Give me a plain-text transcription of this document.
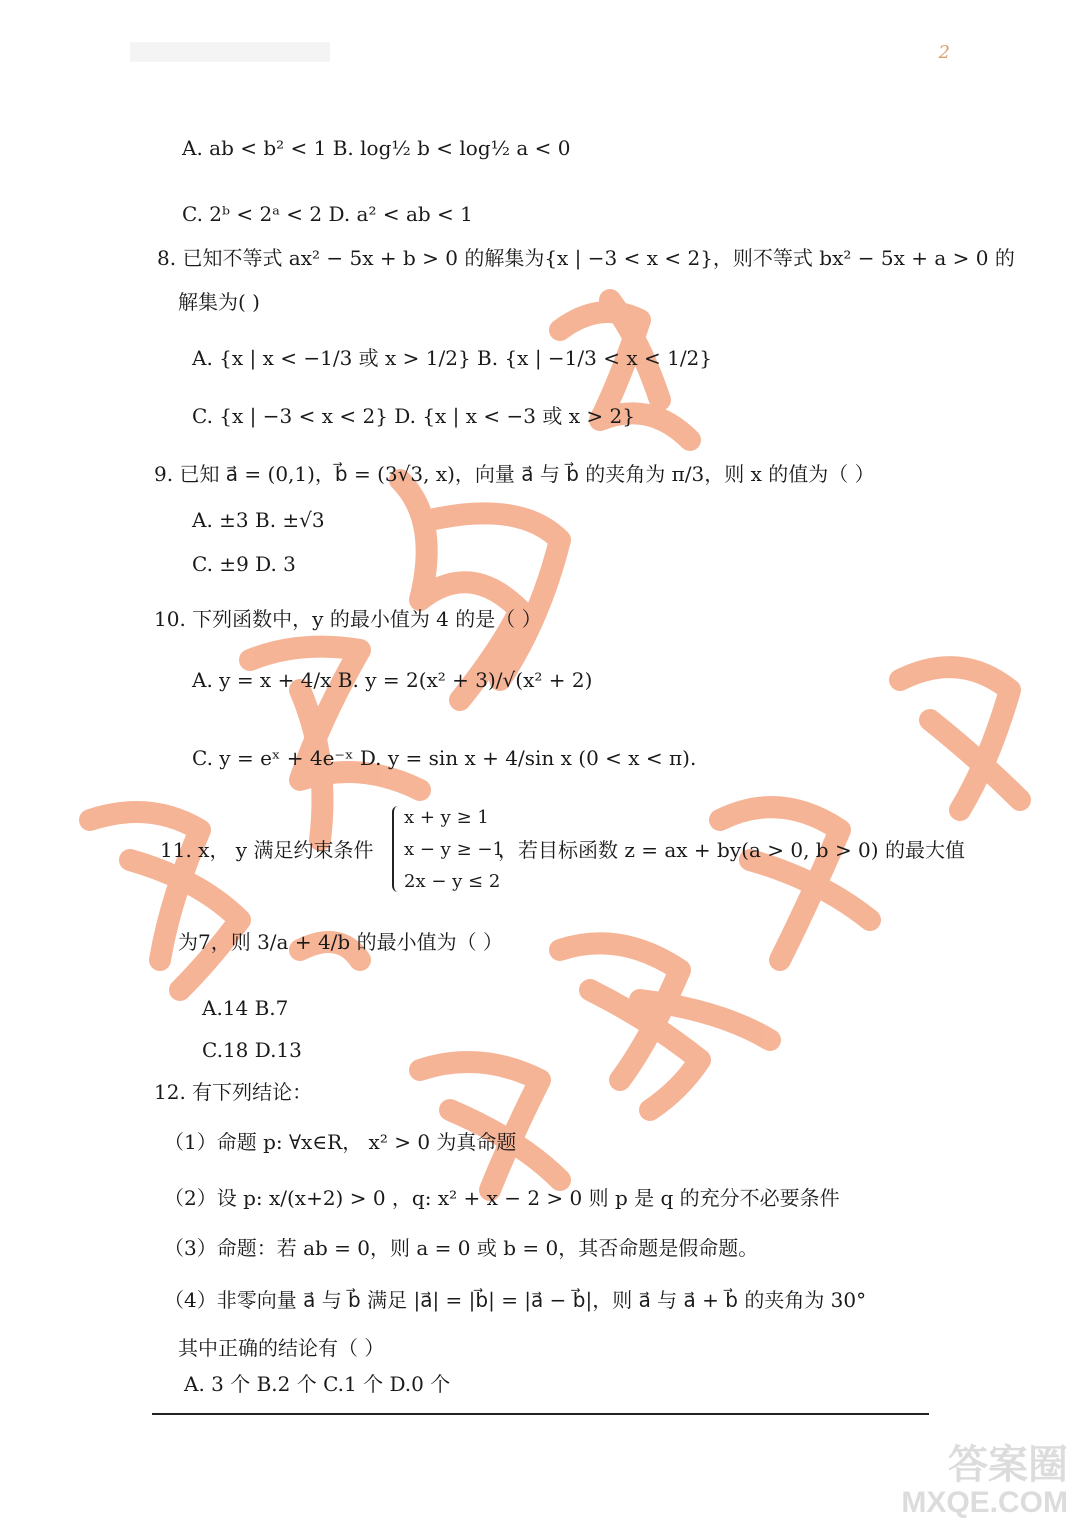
2
A. ab < b² < 1 B. log½ b < log½ a < 0
C. 2ᵇ < 2ᵃ < 2 D. a² < ab < 1
8. 已知不等式 ax² − 5x + b > 0 的解集为{x | −3 < x < 2}，则不等式 bx² − 5x + a > 0 的
解集为( )
A. {x | x < −1/3 或 x > 1/2} B. {x | −1/3 < x < 1/2}
C. {x | −3 < x < 2} D. {x | x < −3 或 x > 2}
9. 已知 a⃗ = (0,1)，b⃗ = (3√3, x)，向量 a⃗ 与 b⃗ 的夹角为 π/3，则 x 的值为（ ）
A. ±3 B. ±√3
C. ±9 D. 3
10. 下列函数中，y 的最小值为 4 的是（ ）
A. y = x + 4/x B. y = 2(x² + 3)/√(x² + 2)
C. y = eˣ + 4e⁻ˣ D. y = sin x + 4/sin x (0 < x < π).
11. x， y 满足约束条件
x + y ≥ 1
x − y ≥ −1
2x − y ≤ 2
，若目标函数 z = ax + by(a > 0, b > 0) 的最大值
为7，则 3/a + 4/b 的最小值为（ ）
A.14 B.7
C.18 D.13
12. 有下列结论：
（1）命题 p: ∀x∈R， x² > 0 为真命题
（2）设 p: x/(x+2) > 0 ，q: x² + x − 2 > 0 则 p 是 q 的充分不必要条件
（3）命题：若 ab = 0，则 a = 0 或 b = 0，其否命题是假命题。
（4）非零向量 a⃗ 与 b⃗ 满足 |a⃗| = |b⃗| = |a⃗ − b⃗|，则 a⃗ 与 a⃗ + b⃗ 的夹角为 30°
其中正确的结论有（ ）
A. 3 个 B.2 个 C.1 个 D.0 个

答案圈
MXQE.COM
